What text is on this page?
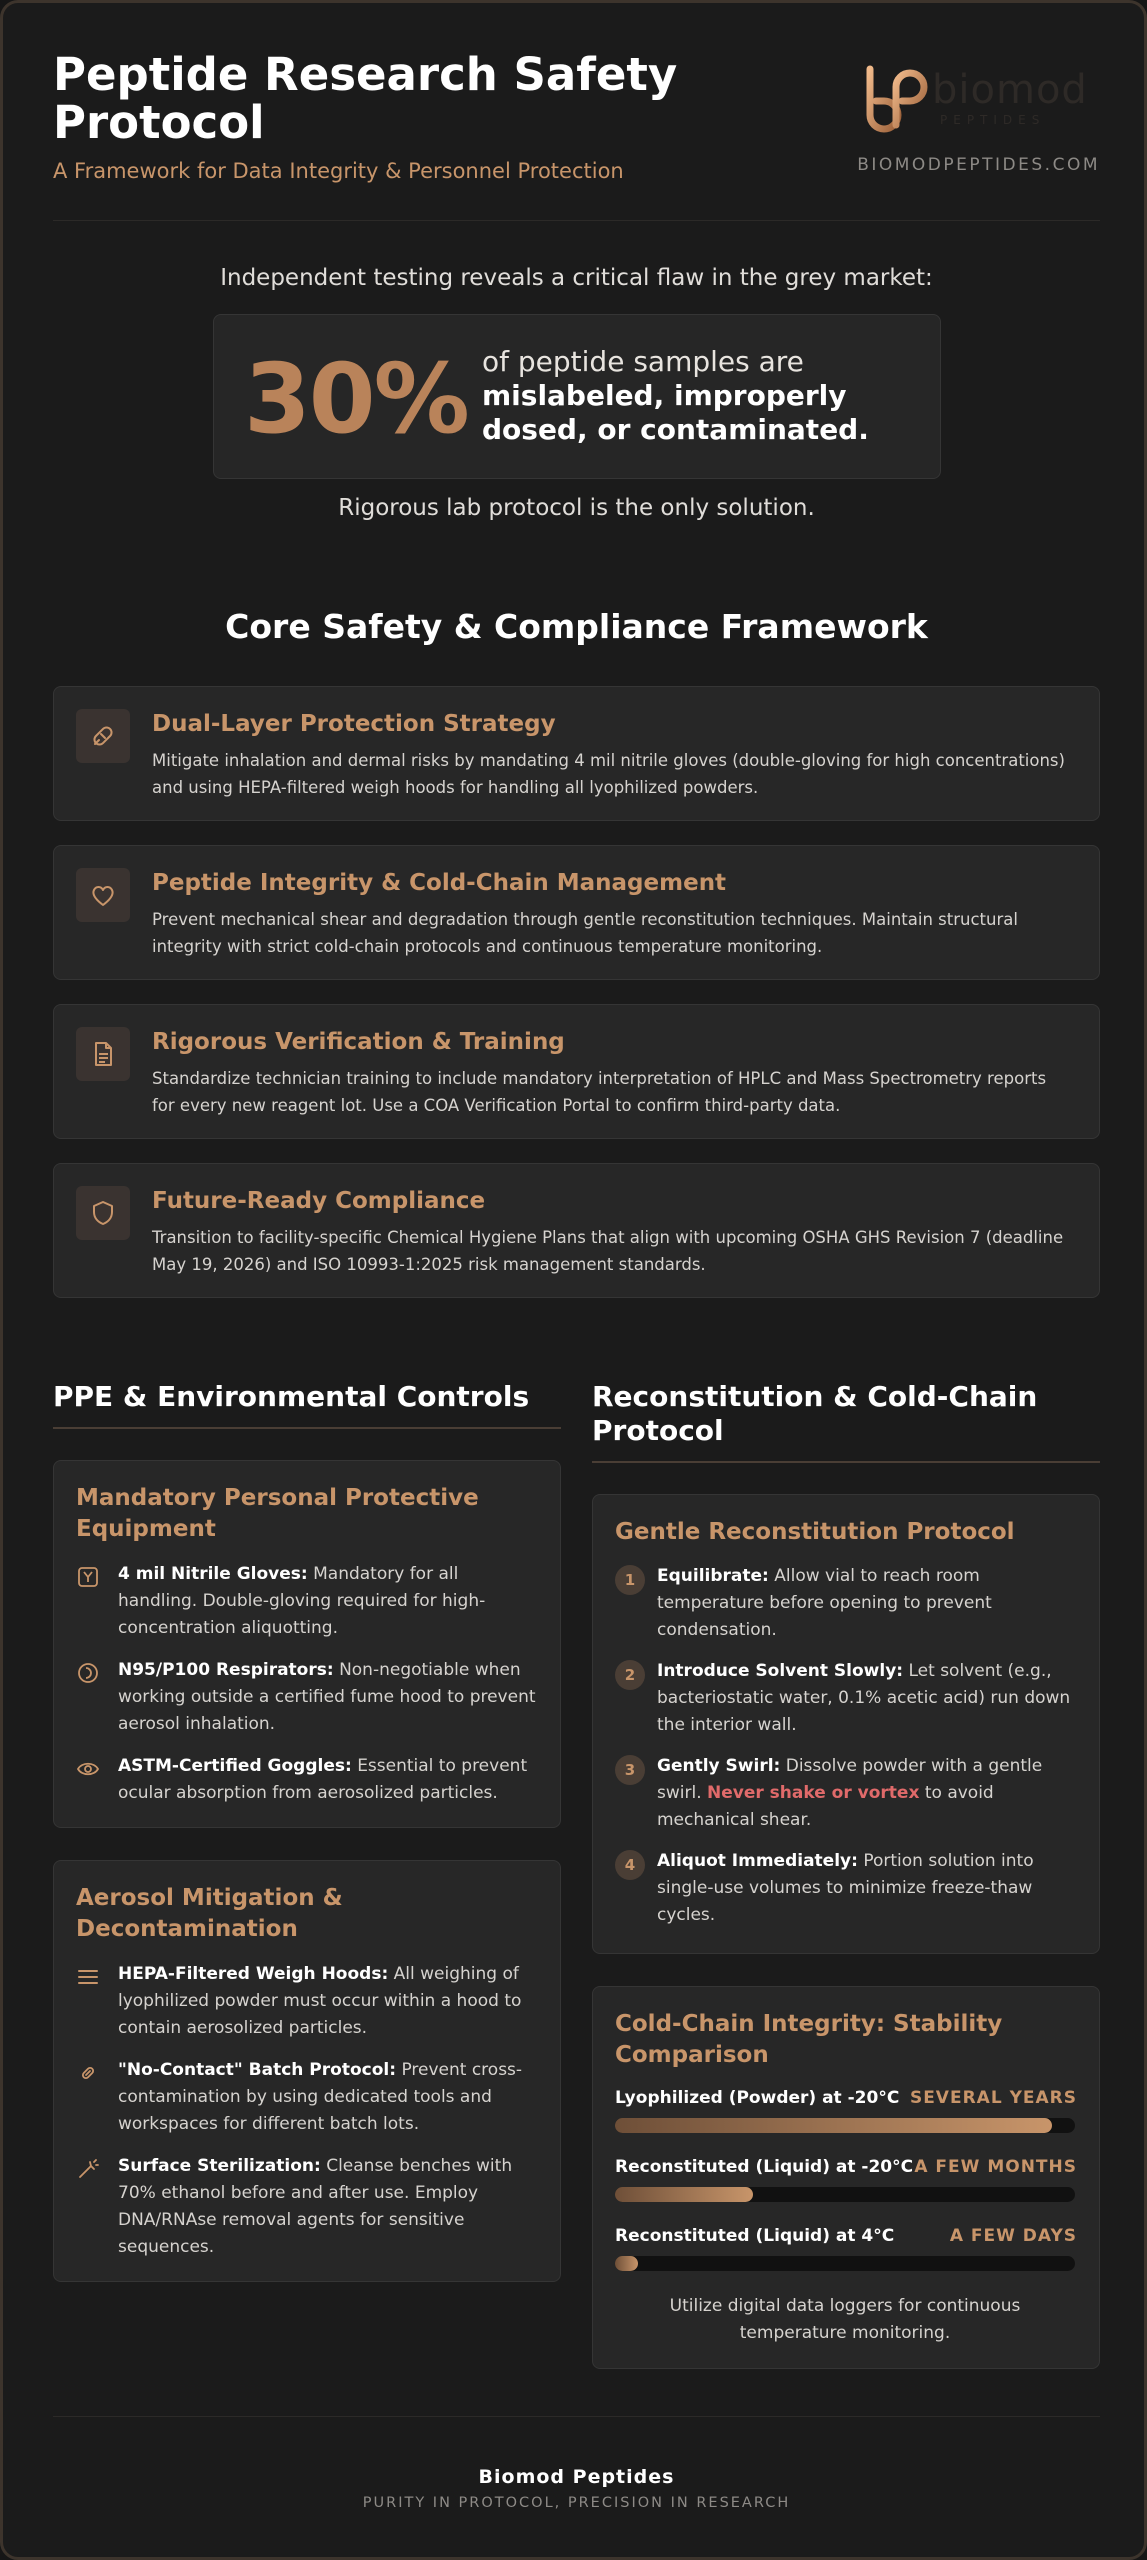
Peptide Research Safety Protocol
A Framework for Data Integrity & Personnel Protection
biomod
PEPTIDES
BIOMODPEPTIDES.COM
Independent testing reveals a critical flaw in the grey market:
30% of peptide samples are
mislabeled, improperly dosed, or contaminated.
Rigorous lab protocol is the only solution.
Core Safety & Compliance Framework
Dual-Layer Protection Strategy
Mitigate inhalation and dermal risks by mandating 4 mil nitrile gloves (double-gloving for high concentrations) and using HEPA-filtered weigh hoods for handling all lyophilized powders.
Peptide Integrity & Cold-Chain Management
Prevent mechanical shear and degradation through gentle reconstitution techniques. Maintain structural integrity with strict cold-chain protocols and continuous temperature monitoring.
Rigorous Verification & Training
Standardize technician training to include mandatory interpretation of HPLC and Mass Spectrometry reports for every new reagent lot. Use a COA Verification Portal to confirm third-party data.
Future-Ready Compliance
Transition to facility-specific Chemical Hygiene Plans that align with upcoming OSHA GHS Revision 7 (deadline May 19, 2026) and ISO 10993-1:2025 risk management standards.
PPE & Environmental Controls
Mandatory Personal Protective Equipment
4 mil Nitrile Gloves: Mandatory for all handling. Double-gloving required for high-concentration aliquotting.
N95/P100 Respirators: Non-negotiable when working outside a certified fume hood to prevent aerosol inhalation.
ASTM-Certified Goggles: Essential to prevent ocular absorption from aerosolized particles.
Aerosol Mitigation & Decontamination
HEPA-Filtered Weigh Hoods: All weighing of lyophilized powder must occur within a hood to contain aerosolized particles.
"No-Contact" Batch Protocol: Prevent cross-contamination by using dedicated tools and workspaces for different batch lots.
Surface Sterilization: Cleanse benches with 70% ethanol before and after use. Employ DNA/RNAse removal agents for sensitive sequences.
Reconstitution & Cold-Chain Protocol
Gentle Reconstitution Protocol
1	Equilibrate: Allow vial to reach room temperature before opening to prevent condensation.
2	Introduce Solvent Slowly: Let solvent (e.g., bacteriostatic water, 0.1% acetic acid) run down the interior wall.
3	Gently Swirl: Dissolve powder with a gentle swirl. Never shake or vortex to avoid mechanical shear.
4	Aliquot Immediately: Portion solution into single-use volumes to minimize freeze-thaw cycles.
Cold-Chain Integrity: Stability Comparison
Lyophilized (Powder) at -20°C SEVERAL YEARS
Reconstituted (Liquid) at -20°C A FEW MONTHS
Reconstituted (Liquid) at 4°C	A FEW DAYS
Utilize digital data loggers for continuous temperature monitoring.
Biomod Peptides
PURITY IN PROTOCOL, PRECISION IN RESEARCH
